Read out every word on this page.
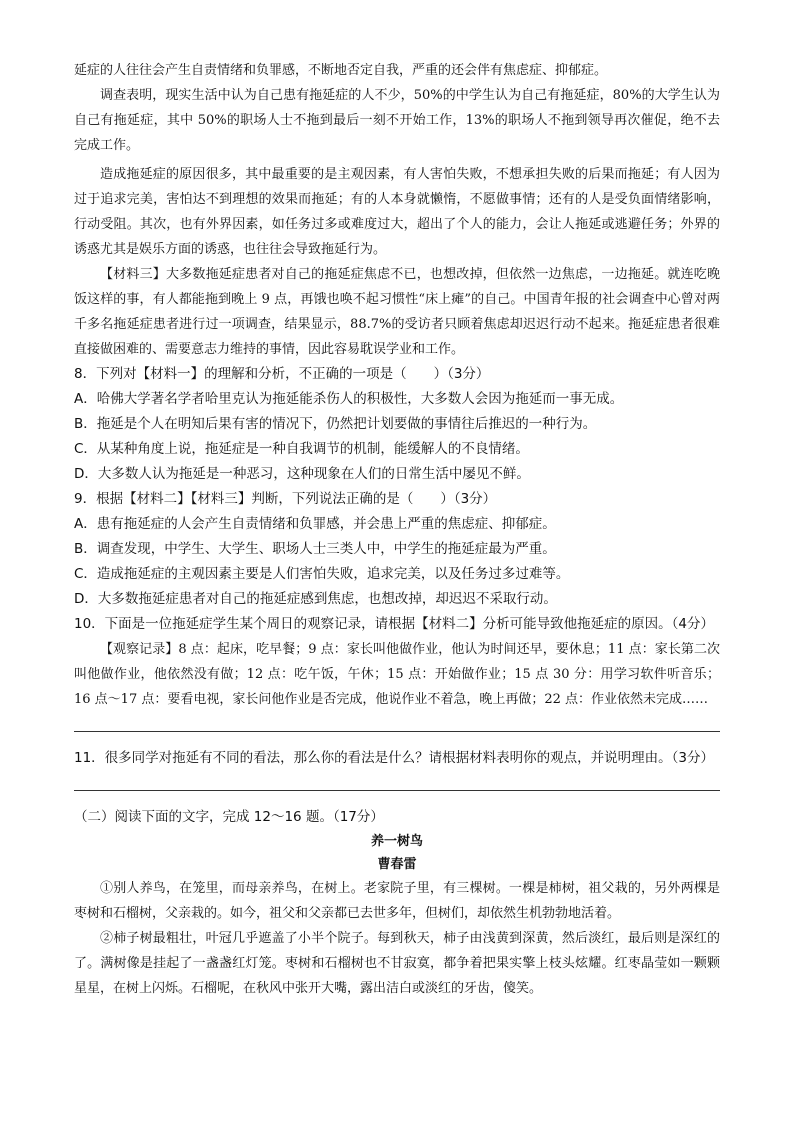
延症的人往往会产生自责情绪和负罪感，不断地否定自我，严重的还会伴有焦虑症、抑郁症。

调查表明，现实生活中认为自己患有拖延症的人不少，50%的中学生认为自己有拖延症，80%的大学生认为自己有拖延症，其中 50%的职场人士不拖到最后一刻不开始工作，13%的职场人不拖到领导再次催促，绝不去完成工作。

造成拖延症的原因很多，其中最重要的是主观因素，有人害怕失败，不想承担失败的后果而拖延；有人因为过于追求完美，害怕达不到理想的效果而拖延；有的人本身就懒惰，不愿做事情；还有的人是受负面情绪影响，行动受阻。其次，也有外界因素，如任务过多或难度过大，超出了个人的能力，会让人拖延或逃避任务；外界的诱惑尤其是娱乐方面的诱惑，也往往会导致拖延行为。

【材料三】大多数拖延症患者对自己的拖延症焦虑不已，也想改掉，但依然一边焦虑，一边拖延。就连吃晚饭这样的事，有人都能拖到晚上 9 点，再饿也唤不起习惯性“床上瘫”的自己。中国青年报的社会调查中心曾对两千多名拖延症患者进行过一项调查，结果显示，88.7%的受访者只顾着焦虑却迟迟行动不起来。拖延症患者很难直接做困难的、需要意志力维持的事情，因此容易耽误学业和工作。

8．下列对【材料一】的理解和分析，不正确的一项是（　　）（3分）

A．哈佛大学著名学者哈里克认为拖延能杀伤人的积极性，大多数人会因为拖延而一事无成。

B．拖延是个人在明知后果有害的情况下，仍然把计划要做的事情往后推迟的一种行为。

C．从某种角度上说，拖延症是一种自我调节的机制，能缓解人的不良情绪。

D．大多数人认为拖延是一种恶习，这种现象在人们的日常生活中屡见不鲜。

9．根据【材料二】【材料三】判断，下列说法正确的是（　　）（3分）

A．患有拖延症的人会产生自责情绪和负罪感，并会患上严重的焦虑症、抑郁症。

B．调查发现，中学生、大学生、职场人士三类人中，中学生的拖延症最为严重。

C．造成拖延症的主观因素主要是人们害怕失败，追求完美，以及任务过多过难等。

D．大多数拖延症患者对自己的拖延症感到焦虑，也想改掉，却迟迟不采取行动。

10．下面是一位拖延症学生某个周日的观察记录，请根据【材料二】分析可能导致他拖延症的原因。（4分）

【观察记录】8 点：起床，吃早餐；9 点：家长叫他做作业，他认为时间还早，要休息；11 点：家长第二次叫他做作业，他依然没有做；12 点：吃午饭，午休；15 点：开始做作业；15 点 30 分：用学习软件听音乐；16 点～17 点：要看电视，家长问他作业是否完成，他说作业不着急，晚上再做；22 点：作业依然未完成……

11．很多同学对拖延有不同的看法，那么你的看法是什么？请根据材料表明你的观点，并说明理由。（3分）

（二）阅读下面的文字，完成 12～16 题。（17分）

养一树鸟

曹春雷

①别人养鸟，在笼里，而母亲养鸟，在树上。老家院子里，有三棵树。一棵是柿树，祖父栽的，另外两棵是枣树和石榴树，父亲栽的。如今，祖父和父亲都已去世多年，但树们，却依然生机勃勃地活着。

②柿子树最粗壮，叶冠几乎遮盖了小半个院子。每到秋天，柿子由浅黄到深黄，然后淡红，最后则是深红的了。满树像是挂起了一盏盏红灯笼。枣树和石榴树也不甘寂寞，都争着把果实擎上枝头炫耀。红枣晶莹如一颗颗星星，在树上闪烁。石榴呢，在秋风中张开大嘴，露出洁白或淡红的牙齿，傻笑。
